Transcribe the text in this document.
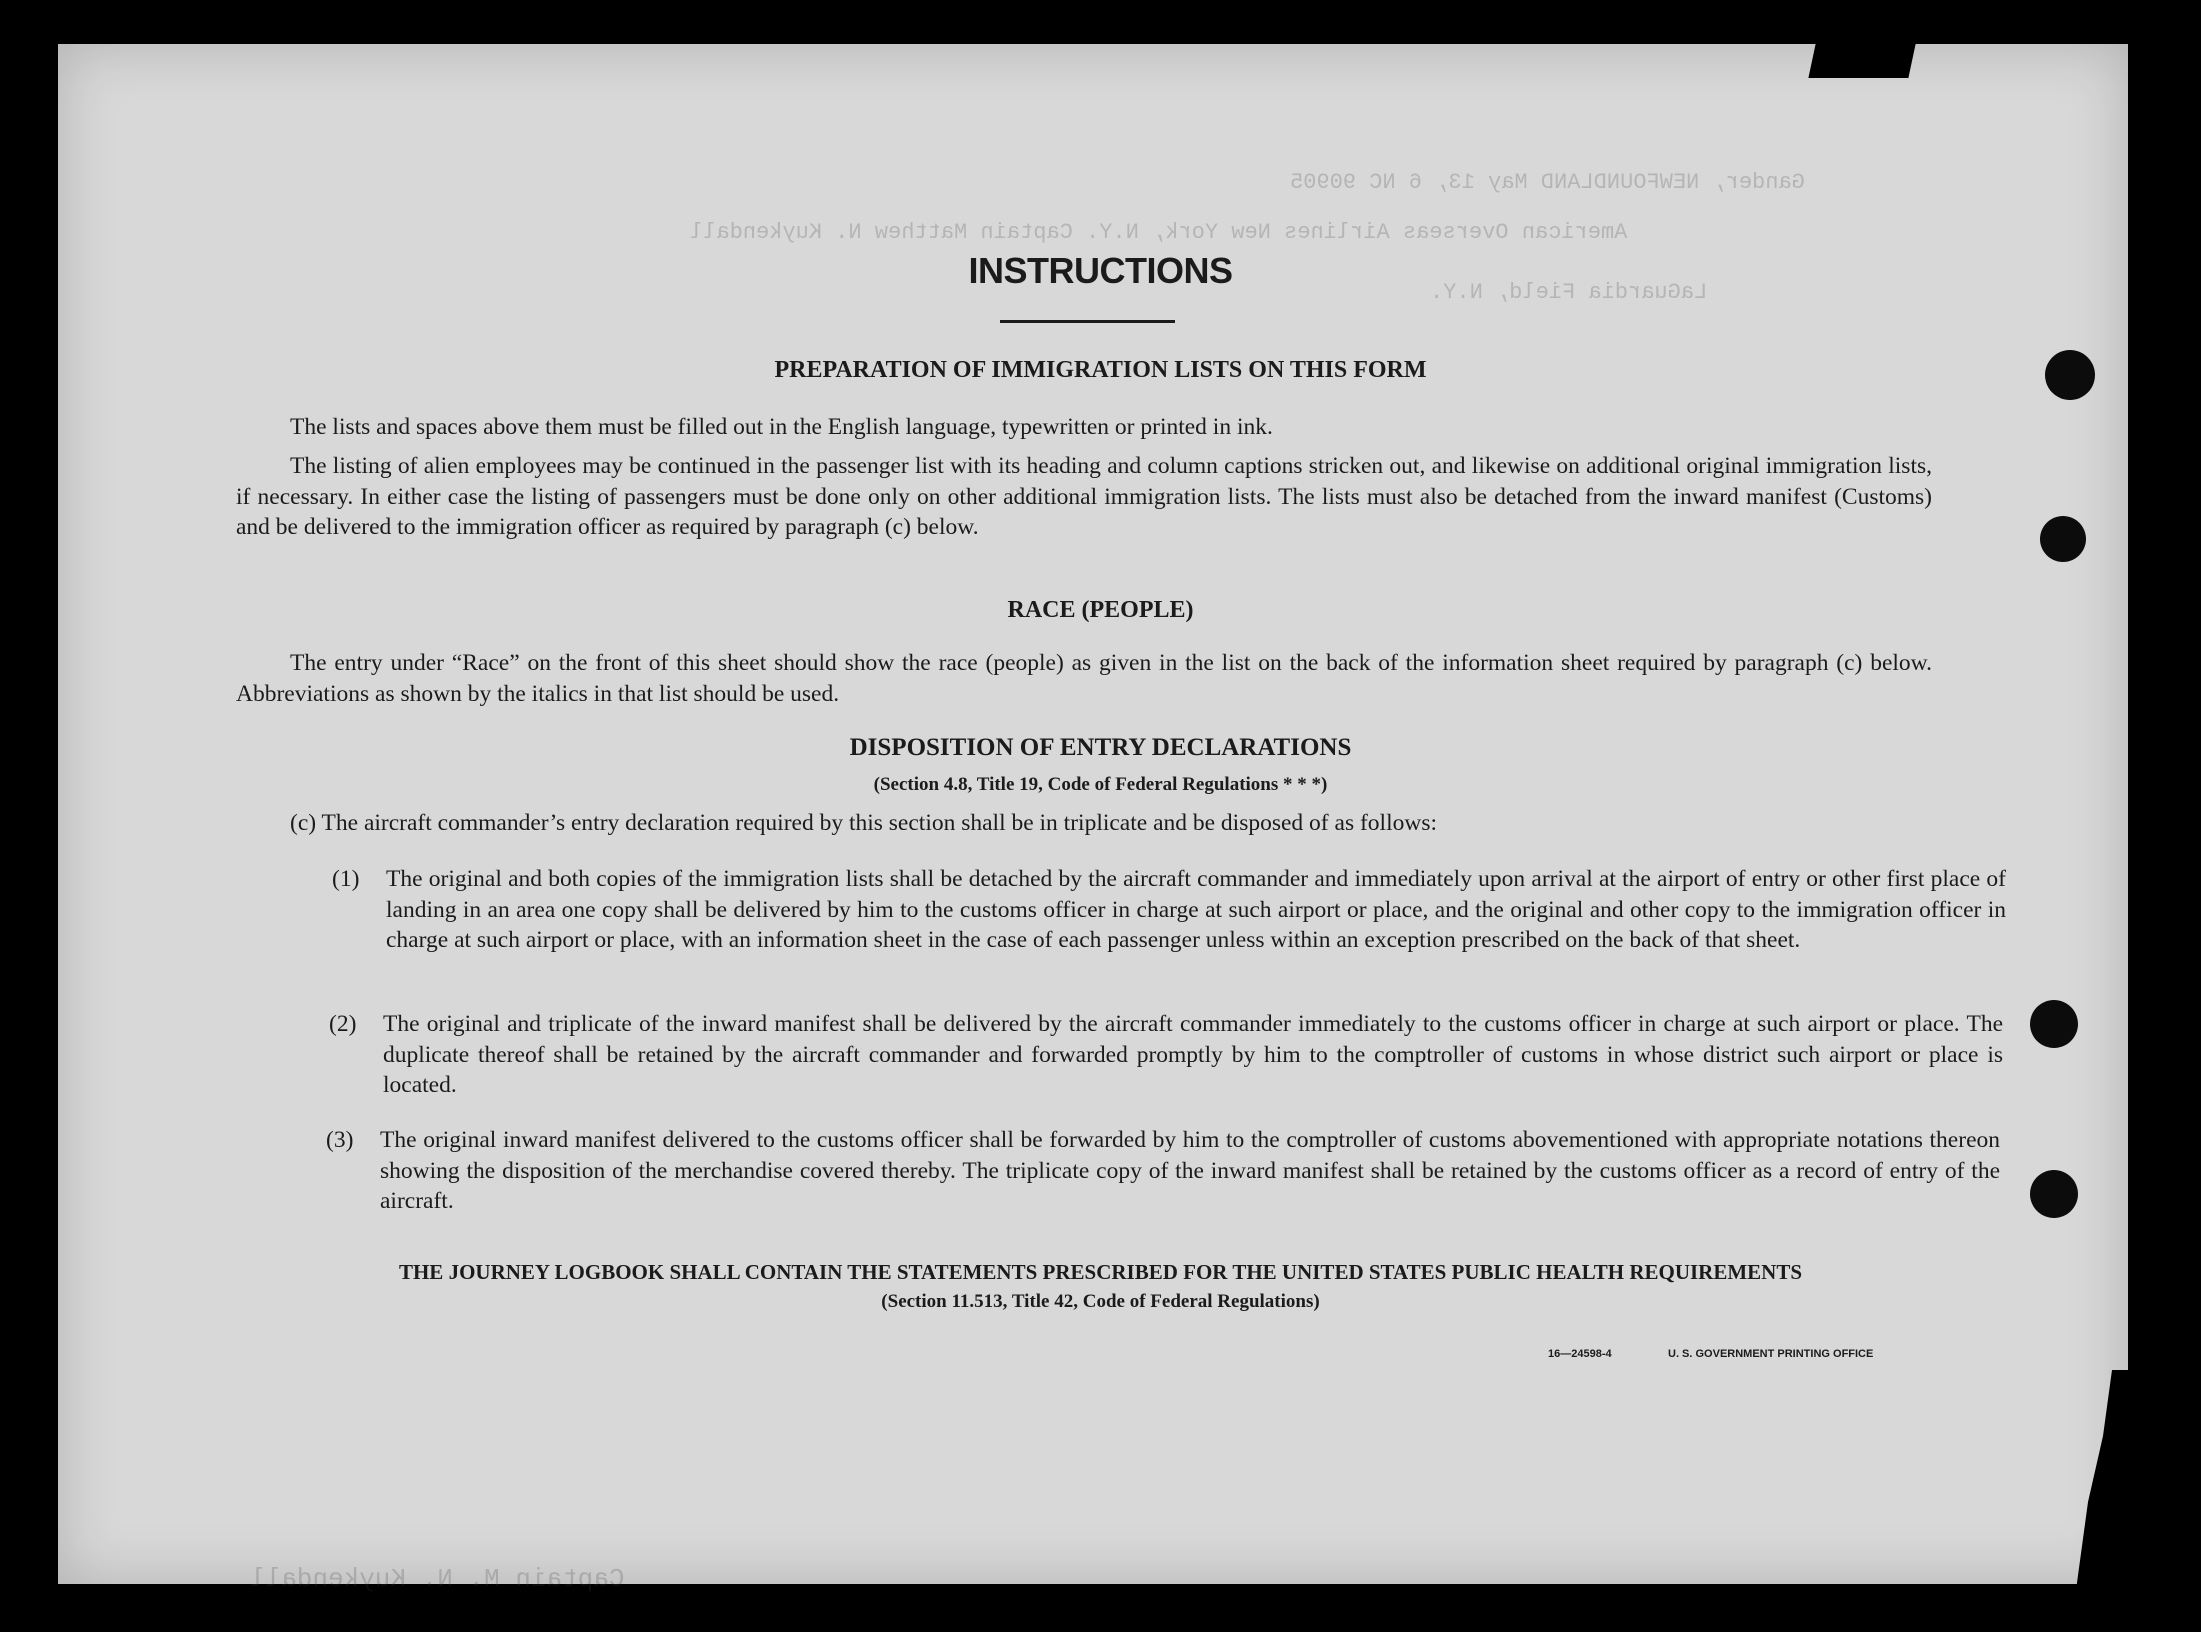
Gander, NEWFOUNDLAND May 13, 6 NC 90905
American Overseas Airlines New York, N.Y. Captain Matthew N. Kuykendall
LaGuardia Field, N.Y.
Captain M. N. Kuykendall
INSTRUCTIONS
PREPARATION OF IMMIGRATION LISTS ON THIS FORM
The lists and spaces above them must be filled out in the English language, typewritten or printed in ink.
The listing of alien employees may be continued in the passenger list with its heading and column captions stricken out, and likewise on additional original immigration lists, if necessary. In either case the listing of passengers must be done only on other additional immigration lists. The lists must also be detached from the inward manifest (Customs) and be delivered to the immigration officer as required by paragraph (c) below.
RACE (PEOPLE)
The entry under “Race” on the front of this sheet should show the race (people) as given in the list on the back of the information sheet required by paragraph (c) below. Abbreviations as shown by the italics in that list should be used.
DISPOSITION OF ENTRY DECLARATIONS
(Section 4.8, Title 19, Code of Federal Regulations * * *)
(c) The aircraft commander’s entry declaration required by this section shall be in triplicate and be disposed of as follows:
(1) The original and both copies of the immigration lists shall be detached by the aircraft commander and immediately upon arrival at the airport of entry or other first place of landing in an area one copy shall be delivered by him to the customs officer in charge at such airport or place, and the original and other copy to the immigration officer in charge at such airport or place, with an information sheet in the case of each passenger unless within an exception prescribed on the back of that sheet.
(2) The original and triplicate of the inward manifest shall be delivered by the aircraft commander immediately to the customs officer in charge at such airport or place. The duplicate thereof shall be retained by the aircraft commander and forwarded promptly by him to the comptroller of customs in whose district such airport or place is located.
(3) The original inward manifest delivered to the customs officer shall be forwarded by him to the comptroller of customs abovementioned with appropriate notations thereon showing the disposition of the merchandise covered thereby. The triplicate copy of the inward manifest shall be retained by the customs officer as a record of entry of the aircraft.
THE JOURNEY LOGBOOK SHALL CONTAIN THE STATEMENTS PRESCRIBED FOR THE UNITED STATES PUBLIC HEALTH REQUIREMENTS
(Section 11.513, Title 42, Code of Federal Regulations)
16—24598-4	U. S. GOVERNMENT PRINTING OFFICE
